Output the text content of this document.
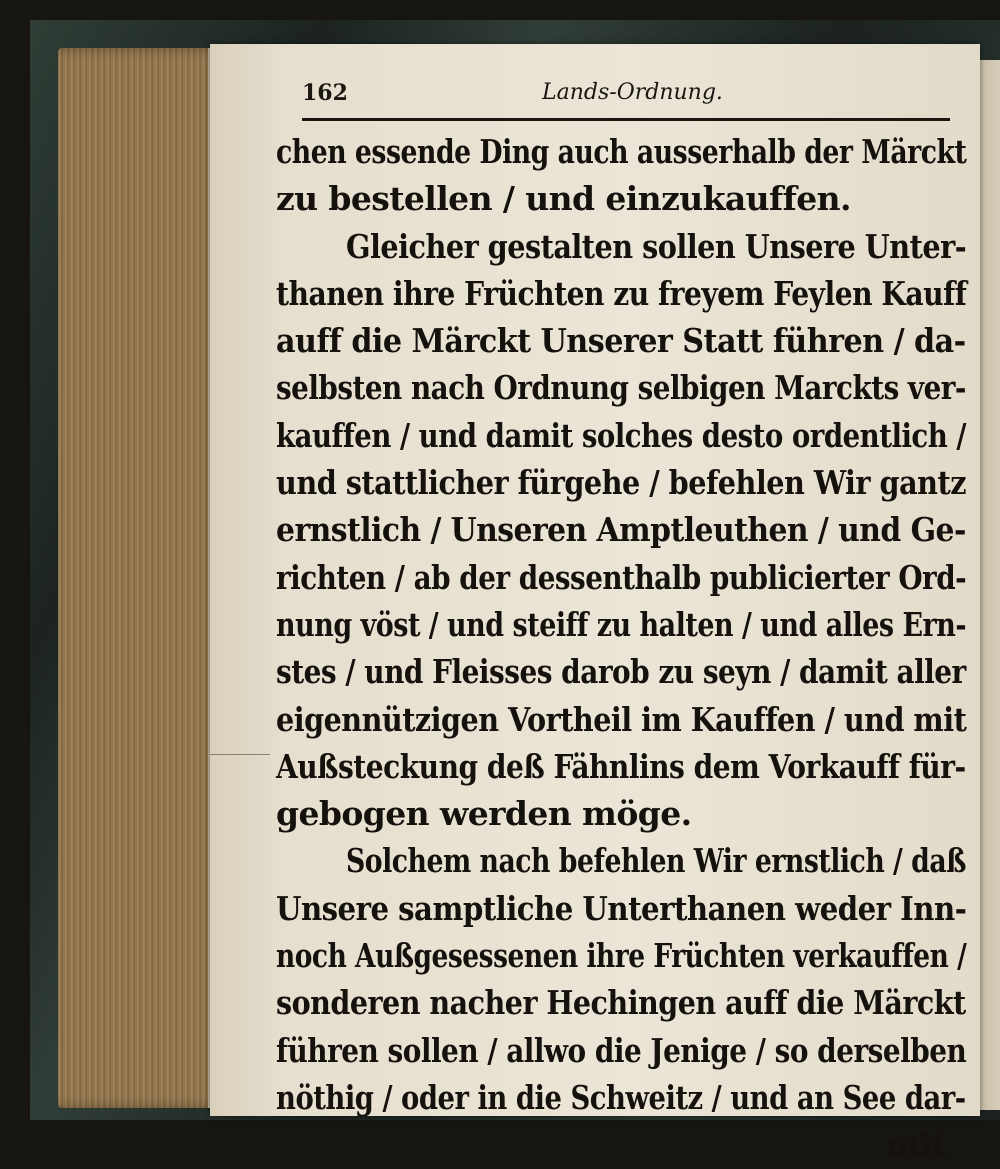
162	Lands-Ordnung.
chen essende Ding auch ausserhalb der Märckt
zu bestellen / und einzukauffen.
Gleicher gestalten sollen Unsere Unter-
thanen ihre Früchten zu freyem Feylen Kauff
auff die Märckt Unserer Statt führen / da-
selbsten nach Ordnung selbigen Marckts ver-
kauffen / und damit solches desto ordentlich /
und stattlicher fürgehe / befehlen Wir gantz
ernstlich / Unseren Amptleuthen / und Ge-
richten / ab der dessenthalb publicierter Ord-
nung vöst / und steiff zu halten / und alles Ern-
stes / und Fleisses darob zu seyn / damit aller
eigennützigen Vortheil im Kauffen / und mit
Außsteckung deß Fähnlins dem Vorkauff für-
gebogen werden möge.
Solchem nach befehlen Wir ernstlich / daß
Unsere samptliche Unterthanen weder Inn-
noch Außgesessenen ihre Früchten verkauffen /
sonderen nacher Hechingen auff die Märckt
führen sollen / allwo die Jenige / so derselben
nöthig / oder in die Schweitz / und an See dar-
mit
